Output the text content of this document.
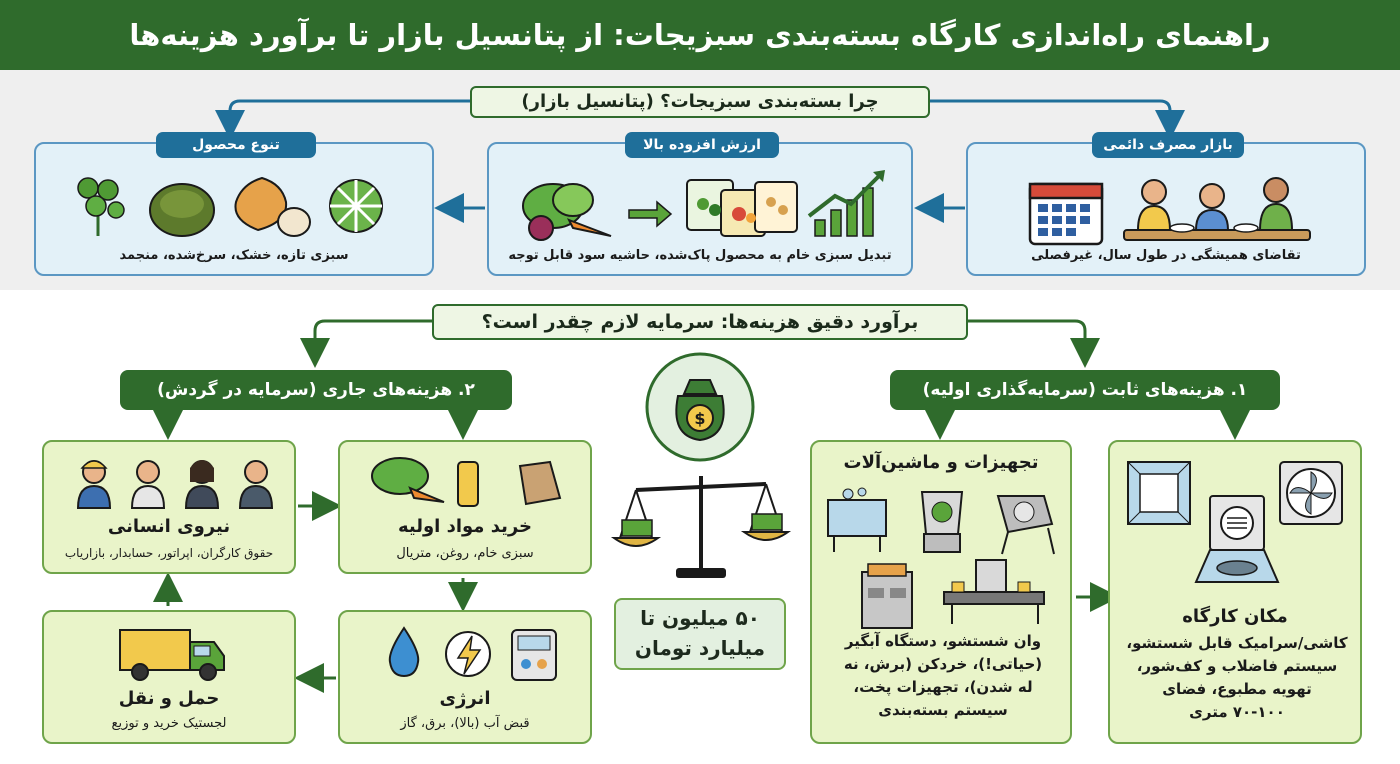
راهنمای راه‌اندازی کارگاه بسته‌بندی سبزیجات: از پتانسیل بازار تا برآورد هزینه‌ها
چرا بسته‌بندی سبزیجات؟ (پتانسیل بازار)
بازار مصرف دائمی
تقاضای همیشگی در طول سال، غیرفصلی
ارزش افزوده بالا
تبدیل سبزی خام به محصول پاک‌شده، حاشیه سود قابل توجه
تنوع محصول
سبزی تازه، خشک، سرخ‌شده، منجمد
برآورد دقیق هزینه‌ها: سرمایه لازم چقدر است؟
۱. هزینه‌های ثابت (سرمایه‌گذاری اولیه)
۲. هزینه‌های جاری (سرمایه در گردش)
$
۵۰ میلیون تا
میلیارد تومان
مکان کارگاه
کاشی/سرامیک قابل شستشو،
سیستم فاضلاب و کف‌شور،
تهویه مطبوع، فضای
۷۰-۱۰۰ متری
تجهیزات و ماشین‌آلات
وان شستشو، دستگاه آبگیر
(حیاتی!)، خردکن (برش، نه
له شدن)، تجهیزات پخت،
سیستم بسته‌بندی
خرید مواد اولیه
سبزی خام، روغن، متریال
نیروی انسانی
حقوق کارگران، اپراتور، حسابدار، بازاریاب
انرژی
قبض آب (بالا)، برق، گاز
حمل و نقل
لجستیک خرید و توزیع
